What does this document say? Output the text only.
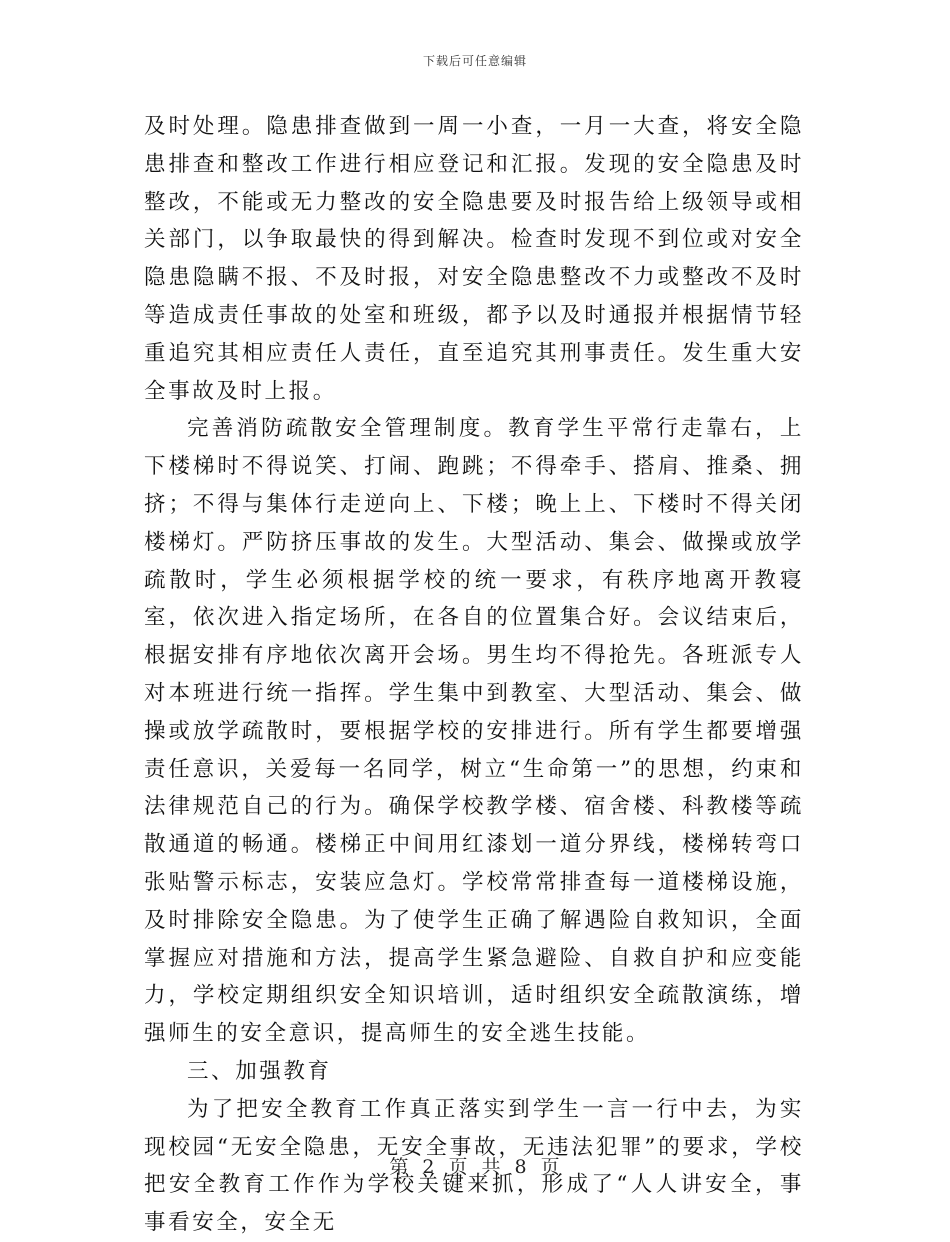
下载后可任意编辑

及时处理。隐患排查做到一周一小查，一月一大查，将安全隐患排查和整改工作进行相应登记和汇报。发现的安全隐患及时整改，不能或无力整改的安全隐患要及时报告给上级领导或相关部门，以争取最快的得到解决。检查时发现不到位或对安全隐患隐瞒不报、不及时报，对安全隐患整改不力或整改不及时等造成责任事故的处室和班级，都予以及时通报并根据情节轻重追究其相应责任人责任，直至追究其刑事责任。发生重大安全事故及时上报。

完善消防疏散安全管理制度。教育学生平常行走靠右，上下楼梯时不得说笑、打闹、跑跳；不得牵手、搭肩、推桑、拥挤；不得与集体行走逆向上、下楼；晚上上、下楼时不得关闭楼梯灯。严防挤压事故的发生。大型活动、集会、做操或放学疏散时，学生必须根据学校的统一要求，有秩序地离开教寝室，依次进入指定场所，在各自的位置集合好。会议结束后，根据安排有序地依次离开会场。男生均不得抢先。各班派专人对本班进行统一指挥。学生集中到教室、大型活动、集会、做操或放学疏散时，要根据学校的安排进行。所有学生都要增强责任意识，关爱每一名同学，树立“生命第一”的思想，约束和法律规范自己的行为。确保学校教学楼、宿舍楼、科教楼等疏散通道的畅通。楼梯正中间用红漆划一道分界线，楼梯转弯口张贴警示标志，安装应急灯。学校常常排查每一道楼梯设施，及时排除安全隐患。为了使学生正确了解遇险自救知识，全面掌握应对措施和方法，提高学生紧急避险、自救自护和应变能力，学校定期组织安全知识培训，适时组织安全疏散演练，增强师生的安全意识，提高师生的安全逃生技能。

三、加强教育

为了把安全教育工作真正落实到学生一言一行中去，为实现校园“无安全隐患，无安全事故，无违法犯罪”的要求，学校把安全教育工作作为学校关键来抓，形成了“人人讲安全，事事看安全，安全无

第 2 页 共 8 页
